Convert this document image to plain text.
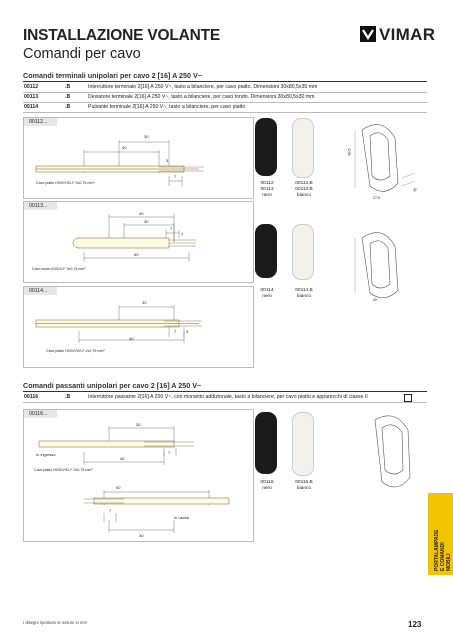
INSTALLAZIONE VOLANTE
Comandi per cavo
VIMAR
Comandi terminali unipolari per cavo 2 [16] A 250 V~
00112	.B	Interruttore terminale 2[16] A 250 V~, tasto a bilanciere, per cavo piatto. Dimensioni 30x80,5x35 mm
00113	.B	Deviatore terminale 2[16] A 250 V~, tasto a bilanciere, per cavo tondo. Dimensioni 30x80,5x30 mm
00114	.B	Pulsante terminale 2[16] A 250 V~, tasto a bilanciere, per cavo piatto
00112...
30
40
7
3
Cavo piatto H03VVH2-F 2x0,75 mm²
00113...
40
30
7
7
50
Cavo tondo A03VV-F 3x0,75 mm²
00114...
30
40
7 3
Cavo piatto H03VVH2-F 2x0,75 mm²
00112
00113
nero
00112.B
00113.B
bianco
00114
nero
00114.B
bianco
80,5
35
27,5
30
Comandi passanti unipolari per cavo 2 [16] A 250 V~
00116	.B	Interruttore passante 2[16] A 250 V~, con morsetto addizionale, tasto a bilanciere, per cavo piatto e apparecchi di classe II
00116...
30
40
7
In ingresso
Cavo piatto H03VVH2-F 2x0,75 mm²
50
In uscita
30
7
00116
nero
00116.B
bianco
PORTALAMPADE
E COMANDI MOBILI
I disegni riportano le misure in mm	123
